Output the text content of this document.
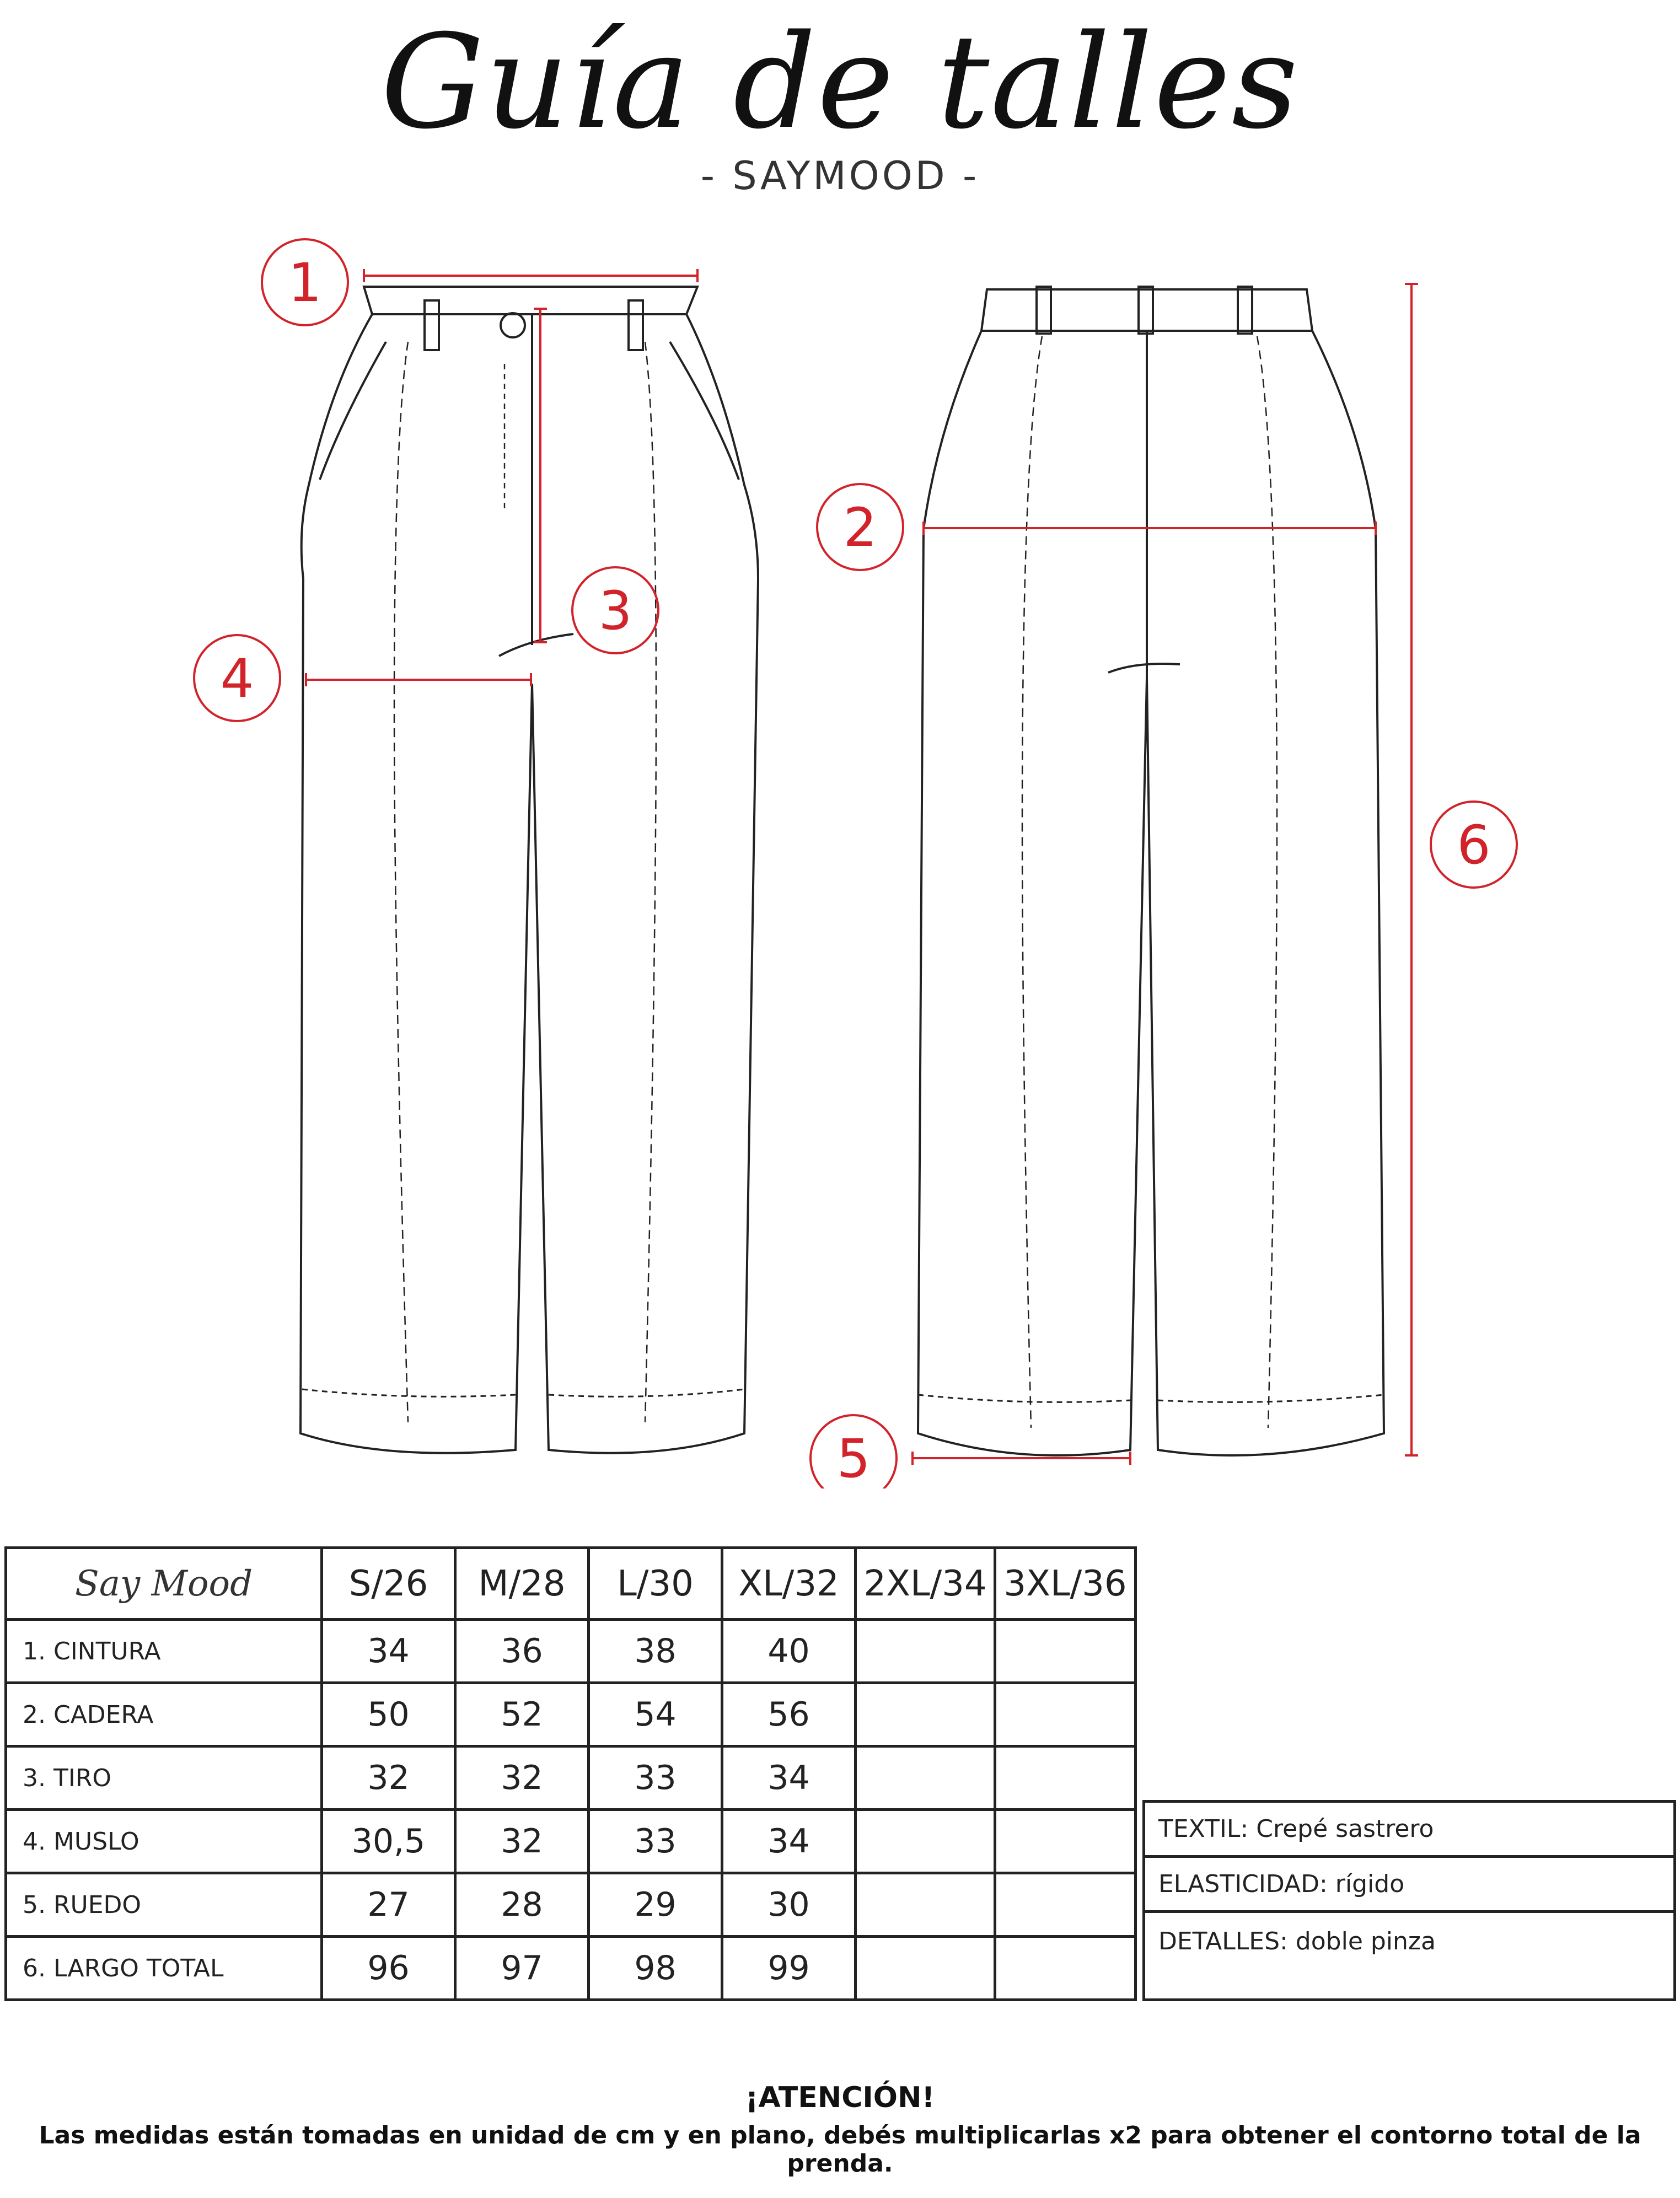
Guía de talles
- SAYMOOD -
1
2
3
4
5
6
Say Mood	S/26	M/28	L/30	XL/32	2XL/34	3XL/36
1. CINTURA	34	36	38	40		
2. CADERA	50	52	54	56		
3. TIRO	32	32	33	34		
4. MUSLO	30,5	32	33	34		
5. RUEDO	27	28	29	30		
6. LARGO TOTAL	96	97	98	99		
TEXTIL: Crepé sastrero
ELASTICIDAD: rígido
DETALLES: doble pinza
¡ATENCIÓN!
Las medidas están tomadas en unidad de cm y en plano, debés multiplicarlas x2 para obtener el contorno total de la prenda.
